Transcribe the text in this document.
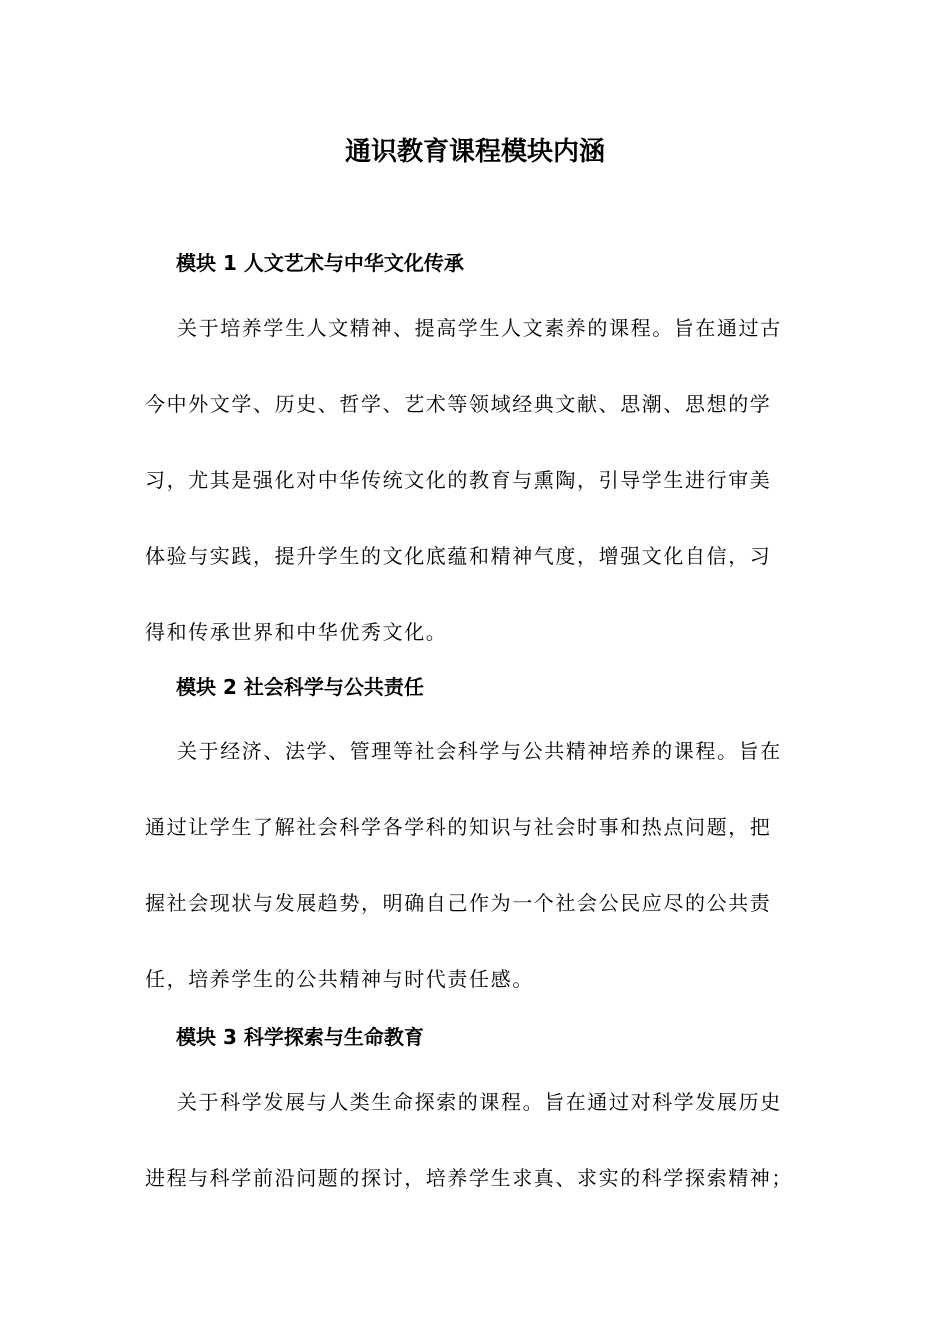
通识教育课程模块内涵
模块 1 人文艺术与中华文化传承
关于培养学生人文精神、提高学生人文素养的课程。旨在通过古
今中外文学、历史、哲学、艺术等领域经典文献、思潮、思想的学
习，尤其是强化对中华传统文化的教育与熏陶，引导学生进行审美
体验与实践，提升学生的文化底蕴和精神气度，增强文化自信，习
得和传承世界和中华优秀文化。
模块 2 社会科学与公共责任
关于经济、法学、管理等社会科学与公共精神培养的课程。旨在
通过让学生了解社会科学各学科的知识与社会时事和热点问题，把
握社会现状与发展趋势，明确自己作为一个社会公民应尽的公共责
任，培养学生的公共精神与时代责任感。
模块 3 科学探索与生命教育
关于科学发展与人类生命探索的课程。旨在通过对科学发展历史
进程与科学前沿问题的探讨，培养学生求真、求实的科学探索精神；
